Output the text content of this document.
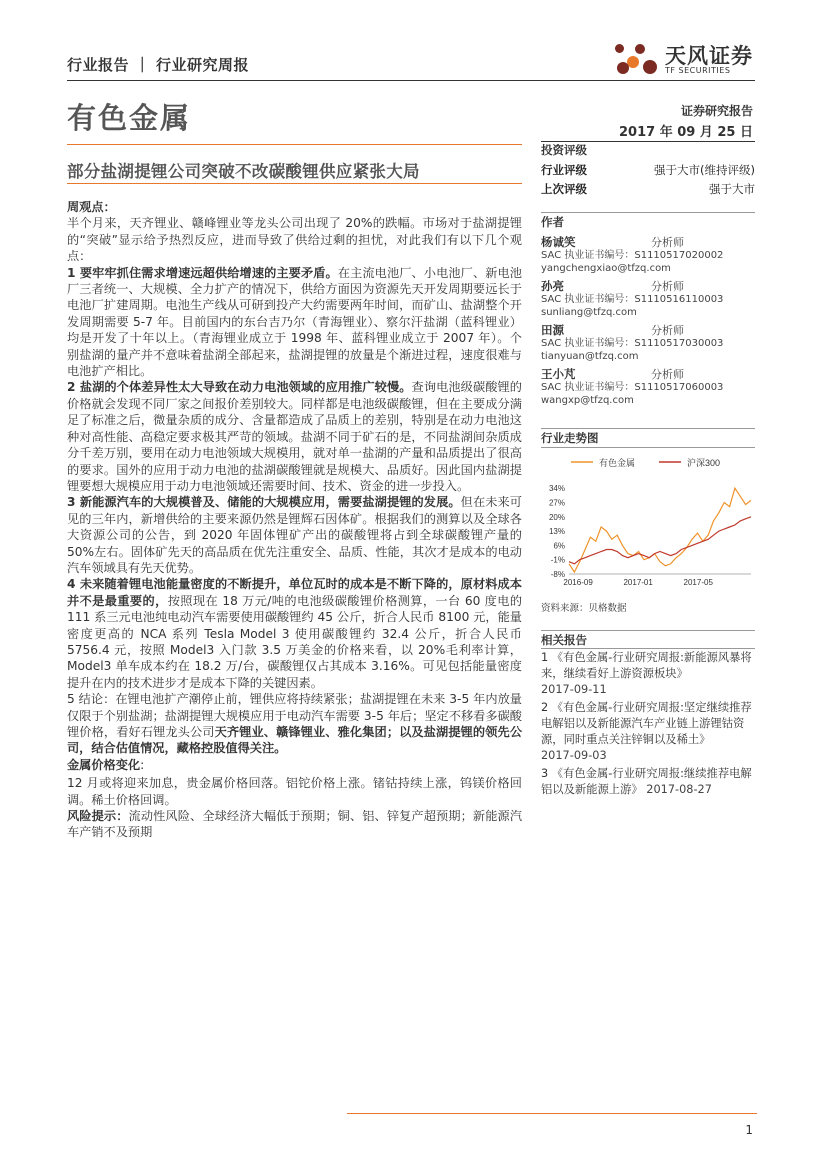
行业报告 ｜ 行业研究周报	天风证券
TF SECURITIES
有色金属	证券研究报告
2017 年 09 月 25 日
部分盐湖提锂公司突破不改碳酸锂供应紧张大局

周观点：

半个月来，天齐锂业、赣峰锂业等龙头公司出现了 20%的跌幅。市场对于盐湖提锂的“突破”显示给予热烈反应，进而导致了供给过剩的担忧，对此我们有以下几个观点：

1 要牢牢抓住需求增速远超供给增速的主要矛盾。在主流电池厂、小电池厂、新电池厂三者统一、大规模、全力扩产的情况下，供给方面因为资源先天开发周期要远长于电池厂扩建周期。电池生产线从可研到投产大约需要两年时间，而矿山、盐湖整个开发周期需要 5-7 年。目前国内的东台吉乃尔（青海锂业）、察尔汗盐湖（蓝科锂业）均是开发了十年以上。（青海锂业成立于 1998 年、蓝科锂业成立于 2007 年）。个别盐湖的量产并不意味着盐湖全部起来，盐湖提锂的放量是个渐进过程，速度很难与电池扩产相比。

2 盐湖的个体差异性太大导致在动力电池领域的应用推广较慢。查询电池级碳酸锂的价格就会发现不同厂家之间报价差别较大。同样都是电池级碳酸锂，但在主要成分满足了标准之后，微量杂质的成分、含量都造成了品质上的差别，特别是在动力电池这种对高性能、高稳定要求极其严苛的领域。盐湖不同于矿石的是，不同盐湖间杂质成分千差万别，要用在动力电池领域大规模用，就对单一盐湖的产量和品质提出了很高的要求。国外的应用于动力电池的盐湖碳酸锂就是规模大、品质好。因此国内盐湖提锂要想大规模应用于动力电池领域还需要时间、技术、资金的进一步投入。

3 新能源汽车的大规模普及、储能的大规模应用，需要盐湖提锂的发展。但在未来可见的三年内，新增供给的主要来源仍然是锂辉石因体矿。根据我们的测算以及全球各大资源公司的公告，到 2020 年固体锂矿产出的碳酸锂将占到全球碳酸锂产量的 50%左右。固体矿先天的高品质在优先注重安全、品质、性能，其次才是成本的电动汽车领域具有先天优势。

4 未来随着锂电池能量密度的不断提升，单位瓦时的成本是不断下降的，原材料成本并不是最重要的，按照现在 18 万元/吨的电池级碳酸锂价格测算，一台 60 度电的 111 系三元电池纯电动汽车需要使用碳酸锂约 45 公斤，折合人民币 8100 元，能量密度更高的 NCA 系列 Tesla Model 3 使用碳酸锂约 32.4 公斤，折合人民币 5756.4 元，按照 Model3 入门款 3.5 万美金的价格来看，以 20%毛利率计算，Model3 单车成本约在 18.2 万/台，碳酸锂仅占其成本 3.16%。可见包括能量密度提升在内的技术进步才是成本下降的关键因素。

5 结论：在锂电池扩产潮停止前，锂供应将持续紧张；盐湖提锂在未来 3-5 年内放量仅限于个别盐湖；盐湖提锂大规模应用于电动汽车需要 3-5 年后；坚定不移看多碳酸锂价格，看好石锂龙头公司天齐锂业、赣锋锂业、雅化集团；以及盐湖提锂的领先公司，结合估值情况，藏格控股值得关注。

金属价格变化:

12 月或将迎来加息，贵金属价格回落。铝铊价格上涨。锗钴持续上涨，钨镁价格回调。稀土价格回调。

风险提示：流动性风险、全球经济大幅低于预期；铜、铝、锌复产超预期；新能源汽车产销不及预期

投资评级
行业评级	强于大市(维持评级)
上次评级	强于大市
作者
杨诚笑	分析师
SAC 执业证书编号：S1110517020002
yangchengxiao@tfzq.com
孙亮	分析师
SAC 执业证书编号：S1110516110003
sunliang@tfzq.com
田源	分析师
SAC 执业证书编号：S1110517030003
tianyuan@tfzq.com
王小芃	分析师
SAC 执业证书编号：S1110517060003
wangxp@tfzq.com
行业走势图
有色金属	沪深300
34%
27%
20%
13%
6%
-1%
-8%
2016-09	2017-01	2017-05
资料来源：贝格数据
相关报告
1 《有色金属-行业研究周报:新能源风暴将来，继续看好上游资源板块》
2017-09-11
2 《有色金属-行业研究周报:坚定继续推荐电解铝以及新能源汽车产业链上游锂钴资源，同时重点关注锌铜以及稀土》
2017-09-03
3 《有色金属-行业研究周报:继续推荐电解铝以及新能源上游》 2017-08-27
1
